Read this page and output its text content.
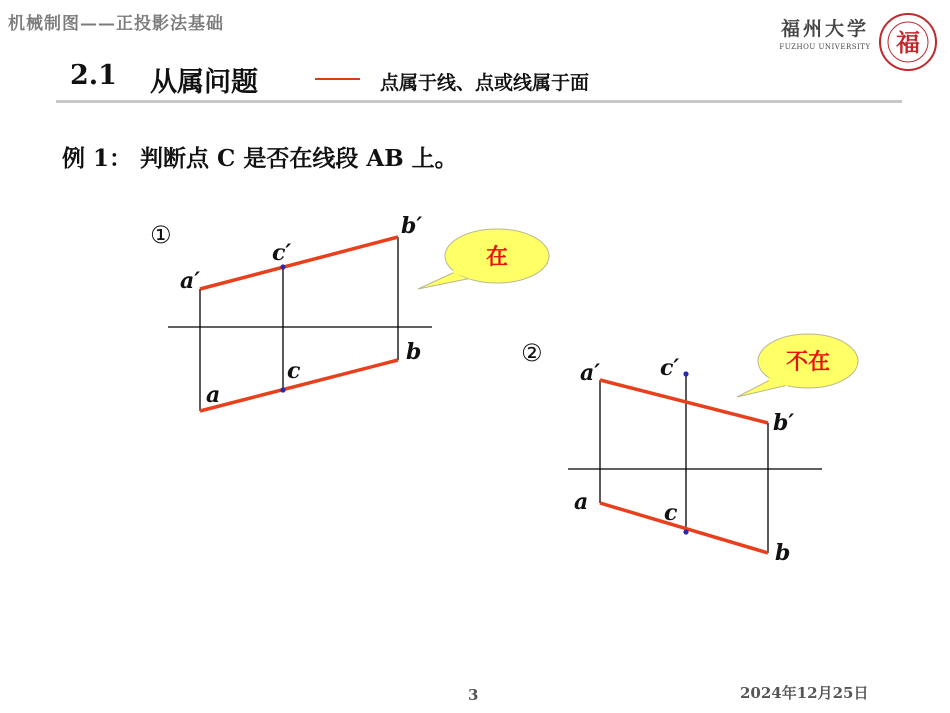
机械制图——正投影法基础	福州大学
FUZHOU UNIVERSITY	福
2.1 从属问题	点属于线、点或线属于面
例 1： 判断点 C 是否在线段 AB 上。
①
a′
c′
b′
a
c
b
在
②
a′	c′
b′
a	c
b
不在
3	2024年12月25日
